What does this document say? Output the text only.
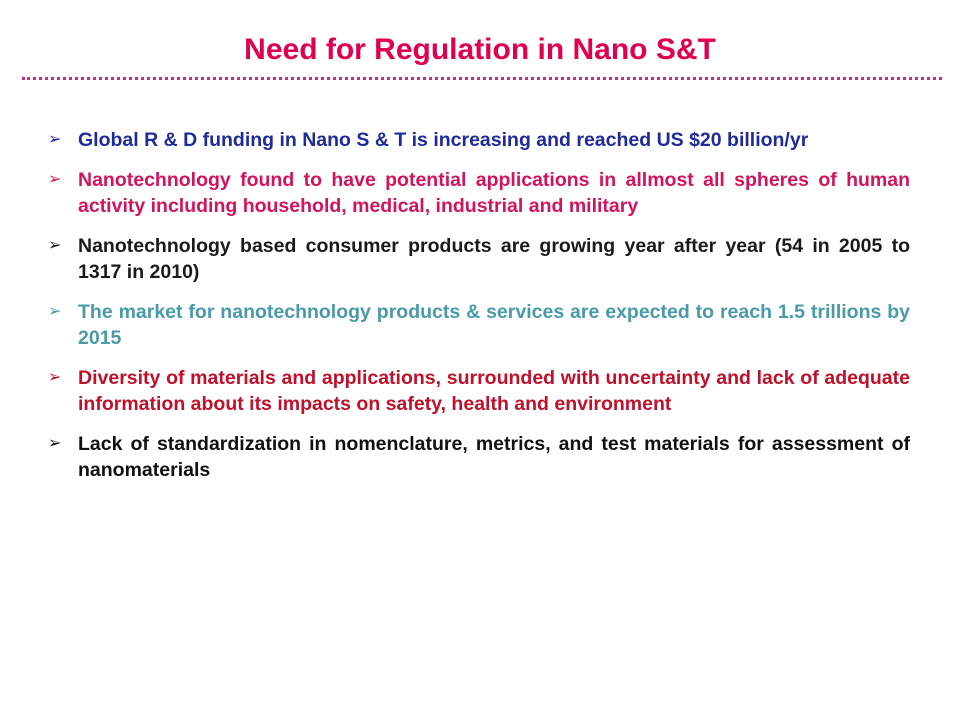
Need for Regulation in Nano S&T
➢ Global R & D funding in Nano S & T is increasing and reached US $20 billion/yr
➢ Nanotechnology found to have potential applications in allmost all spheres of human activity including household, medical, industrial and military
➢ Nanotechnology based consumer products are growing year after year (54 in 2005 to 1317 in 2010)
➢ The market for nanotechnology products & services are expected to reach 1.5 trillions by 2015
➢ Diversity of materials and applications, surrounded with uncertainty and lack of adequate information about its impacts on safety, health and environment
➢ Lack of standardization in nomenclature, metrics, and test materials for assessment of nanomaterials
